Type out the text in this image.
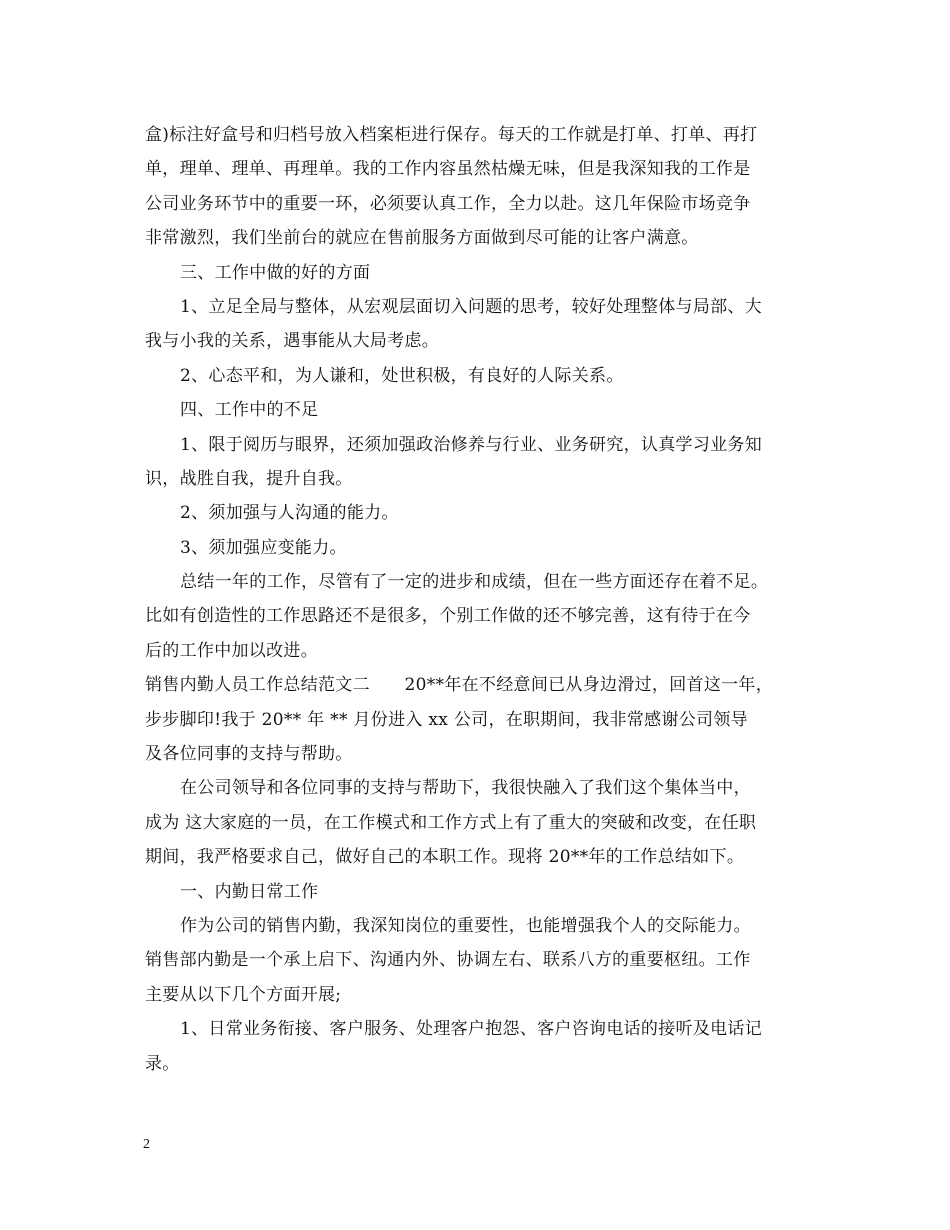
盒)标注好盒号和归档号放入档案柜进行保存。每天的工作就是打单、打单、再打
单，理单、理单、再理单。我的工作内容虽然枯燥无味，但是我深知我的工作是
公司业务环节中的重要一环，必须要认真工作，全力以赴。这几年保险市场竞争
非常激烈，我们坐前台的就应在售前服务方面做到尽可能的让客户满意。
三、工作中做的好的方面
1、立足全局与整体，从宏观层面切入问题的思考，较好处理整体与局部、大
我与小我的关系，遇事能从大局考虑。
2、心态平和，为人谦和，处世积极，有良好的人际关系。
四、工作中的不足
1、限于阅历与眼界，还须加强政治修养与行业、业务研究，认真学习业务知
识，战胜自我，提升自我。
2、须加强与人沟通的能力。
3、须加强应变能力。
总结一年的工作，尽管有了一定的进步和成绩，但在一些方面还存在着不足。
比如有创造性的工作思路还不是很多，个别工作做的还不够完善，这有待于在今
后的工作中加以改进。
销售内勤人员工作总结范文二　　20**年在不经意间已从身边滑过，回首这一年，
步步脚印!我于 20** 年 ** 月份进入 xx 公司，在职期间，我非常感谢公司领导
及各位同事的支持与帮助。
在公司领导和各位同事的支持与帮助下，我很快融入了我们这个集体当中，
成为 这大家庭的一员，在工作模式和工作方式上有了重大的突破和改变，在任职
期间，我严格要求自己，做好自己的本职工作。现将 20**年的工作总结如下。
一、内勤日常工作
作为公司的销售内勤，我深知岗位的重要性，也能增强我个人的交际能力。
销售部内勤是一个承上启下、沟通内外、协调左右、联系八方的重要枢纽。工作
主要从以下几个方面开展;
1、日常业务衔接、客户服务、处理客户抱怨、客户咨询电话的接听及电话记
录。
2
